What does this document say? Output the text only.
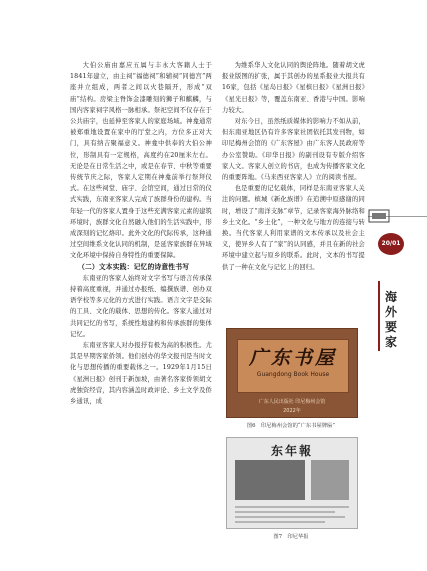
大伯公庙由嘉应五属与丰永大客籍人士于1841年建立，由主祠“福德祠”和辅祠“同德宫”两座并立组成，两者之间以火巷隔开，形成“双庙”结构。房梁主脊饰金漆雕刻的狮子和麒麟，与国内客家祠字风格一脉相承。祭祀空间不仅存在于公共庙宇，也延伸至客家人的家庭场域。神龛通常被郑重地设置在家中的厅堂之内，方位多正对大门，具有纳吉聚福意义。神龛中供奉的大伯公神位，形制具有一定规格，高度约在20厘米左右。无论是在日常生活之中，或是在春节、中秋等重要传统节庆之际，客家人定期在神龛前举行祭拜仪式。在这些祠堂、庙宇、会馆空间，通过日常的仪式实践，东南亚客家人完成了族群身份的建构。当年轻一代的客家人置身于这些充满客家元素的建筑环境时，族群文化自然融入他们的生活实践中，形成深刻的记忆烙印。此外文化的代际传承，这种通过空间维系文化认同的机制，是延客家族群在异域文化环境中保持自身特性的重要保障。

（二）文本实践：记忆的诗意性书写

东南亚的客家人始终对文字书写与语言传承保持着高度重视，并通过办报纸、编撰族谱、创办双语学校等多元化的方式进行实践。语言文字是交际的工具、文化的载体、思想的传化。客家人通过对共同记忆的书写，系统性地建构和传承族群的集体记忆。

东南亚客家人对办报抒有极为高的积极性。尤其是早期客家侨领。他们创办的华文报刊是当时文化与思想传播的重要载体之一。1929年1月15日《星洲日报》创刊于新加坡，由著名客家侨领胡文虎独资经营，其内容涵盖时政评论、乡土文学及侨乡通讯，成

为维系华人文化认同的舆论阵地。随着胡文虎报业版图的扩张，属于其创办的星系报业大报共有16家，包括《星岛日报》《星槟日报》《星洲日报》《星光日报》等，覆盖东南亚、香港与中国。影响力较大。

对东今日，虽然纸质媒体的影响力不如从前，但东南亚地区仍有许多客家社团依托其发刊物，如印尼梅州会馆的《广东客屋》由广东客人民政府等办公室赞助。《印华日报》的副刊设有专版介绍客家人文。客家人创立的书店，也成为传播客家文化的重要阵地。《马来西亚客家人》立的阅读书屋。

也是重要的记忆载体，同样是东南亚客家人关注的问题。槟城《新化族谱》在追溯中原感谢的同时，增设了“南洋支脉”章节，记录客家海外脉络和乡土文化。“乡土化”，一种文化与地方的连接与转换。当代客家人利用家谱的文本传承以及社会主义，使异乡人有了“家”的认同感，并且在新的社会环境中建立起与原乡的联系。此时，文本的书写提供了一种在文化与记忆上的回归。

广东书屋
Guangdong Book House
广东人民出版社 印尼梅州会馆
2022年
图6　印尼梅州会馆的“广东书屋牌匾”
东年報
图7　印尼华报
20/01
海
外
要
家
